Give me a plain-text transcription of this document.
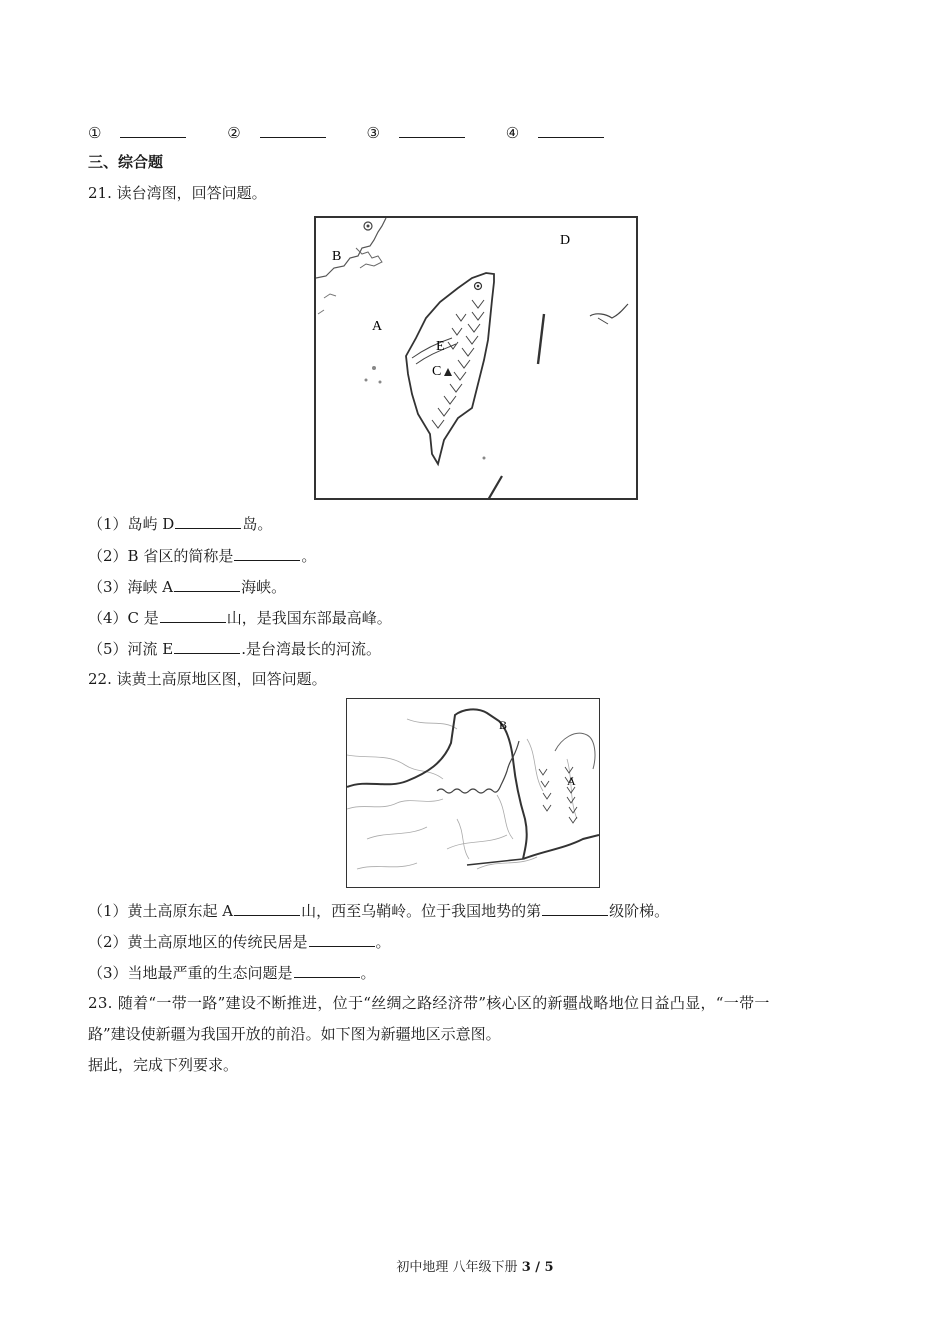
①	②	③	④
三、综合题
21. 读台湾图，回答问题。
B
D
A
E
C
（1）岛屿 D	岛。
（2）B 省区的简称是	。
（3）海峡 A	海峡。
（4）C 是	山，是我国东部最高峰。
（5）河流 E	.是台湾最长的河流。
22. 读黄土高原地区图，回答问题。
B
A
（1）黄土高原东起 A	山，西至乌鞘岭。位于我国地势的第	级阶梯。
（2）黄土高原地区的传统民居是	。
（3）当地最严重的生态问题是	。
23. 随着“一带一路”建设不断推进，位于“丝绸之路经济带”核心区的新疆战略地位日益凸显，“一带一
路”建设使新疆为我国开放的前沿。如下图为新疆地区示意图。
据此，完成下列要求。
初中地理 八年级下册 3 / 5
